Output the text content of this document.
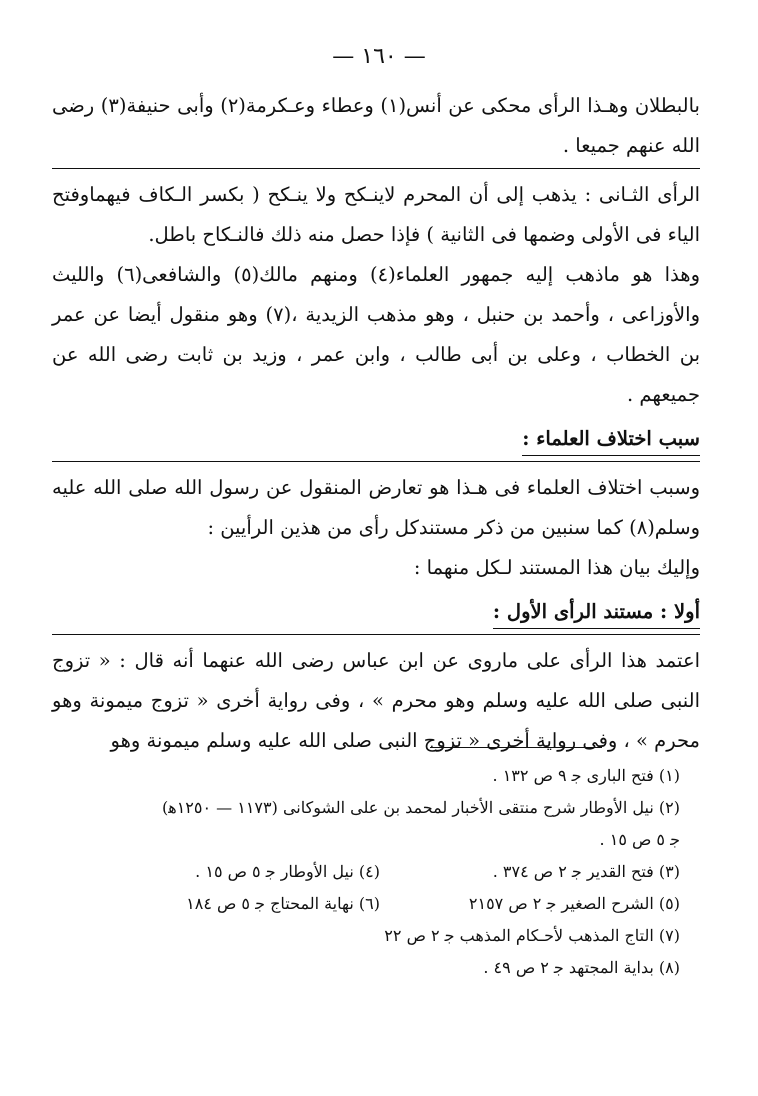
— ١٦٠ —

بالبطلان وهـذا الرأى محكى عن أنس(١) وعطاء وعـكرمة(٢) وأبى حنيفة(٣) رضى الله عنهم جميعا .

الرأى الثـانى : يذهب إلى أن المحرم لاينـكح ولا ينـكح ( بكسر الـكاف فيهماوفتح الياء فى الأولى وضمها فى الثانية ) فإذا حصل منه ذلك فالنـكاح باطل.

وهذا هو ماذهب إليه جمهور العلماء(٤) ومنهم مالك(٥) والشافعى(٦) والليث والأوزاعى ، وأحمد بن حنبل ، وهو مذهب الزيدية ،(٧) وهو منقول أيضا عن عمر بن الخطاب ، وعلى بن أبى طالب ، وابن عمر ، وزيد بن ثابت رضى الله عن جميعهم .

سبب اختلاف العلماء :

وسبب اختلاف العلماء فى هـذا هو تعارض المنقول عن رسول الله صلى الله عليه وسلم(٨) كما سنبين من ذكر مستندكل رأى من هذين الرأيين :

وإليك بيان هذا المستند لـكل منهما :

أولا : مستند الرأى الأول :

اعتمد هذا الرأى على ماروى عن ابن عباس رضى الله عنهما أنه قال : « تزوج النبى صلى الله عليه وسلم وهو محرم » ، وفى رواية أخرى « تزوج ميمونة وهو محرم » ، وفى رواية أخرى « تزوج النبى صلى الله عليه وسلم ميمونة وهو

(١) فتح البارى ﺟ ٩ ص ١٣٢ .

(٢) نيل الأوطار شرح منتقى الأخبار لمحمد بن على الشوكانى (١١٧٣ — ١٢٥٠ﻫ)

ﺟ ٥ ص ١٥ .

(٣) فتح القدير ﺟ ٢ ص ٣٧٤ .
(٤) نيل الأوطار ﺟ ٥ ص ١٥ .
(٥) الشرح الصغير ﺟ ٢ ص ٢١٥٧
(٦) نهاية المحتاج ﺟ ٥ ص ١٨٤

(٧) التاج المذهب لأحـكام المذهب ﺟ ٢ ص ٢٢

(٨) بداية المجتهد ﺟ ٢ ص ٤٩ .
